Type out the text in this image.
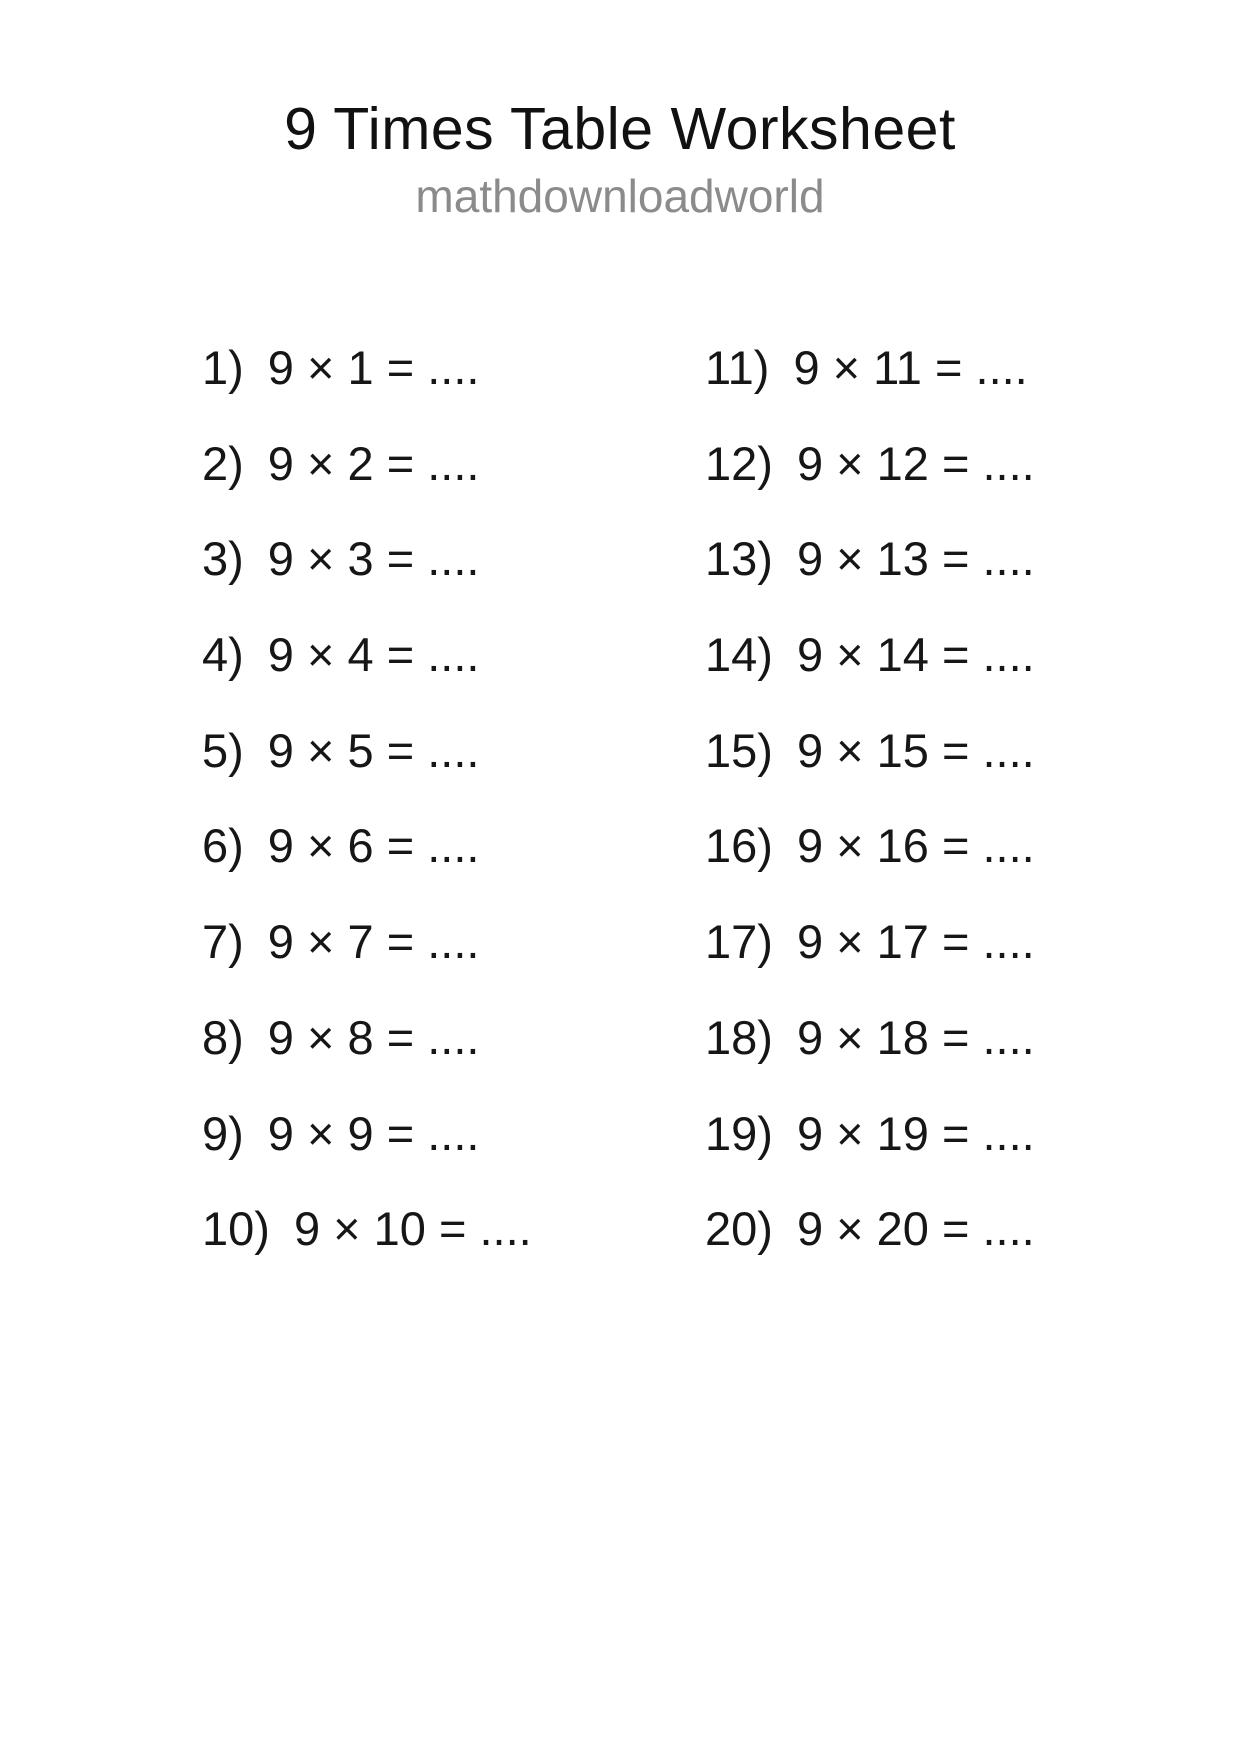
9 Times Table Worksheet
mathdownloadworld
1) 9 × 1 = ....
2) 9 × 2 = ....
3) 9 × 3 = ....
4) 9 × 4 = ....
5) 9 × 5 = ....
6) 9 × 6 = ....
7) 9 × 7 = ....
8) 9 × 8 = ....
9) 9 × 9 = ....
10) 9 × 10 = ....
11) 9 × 11 = ....
12) 9 × 12 = ....
13) 9 × 13 = ....
14) 9 × 14 = ....
15) 9 × 15 = ....
16) 9 × 16 = ....
17) 9 × 17 = ....
18) 9 × 18 = ....
19) 9 × 19 = ....
20) 9 × 20 = ....
